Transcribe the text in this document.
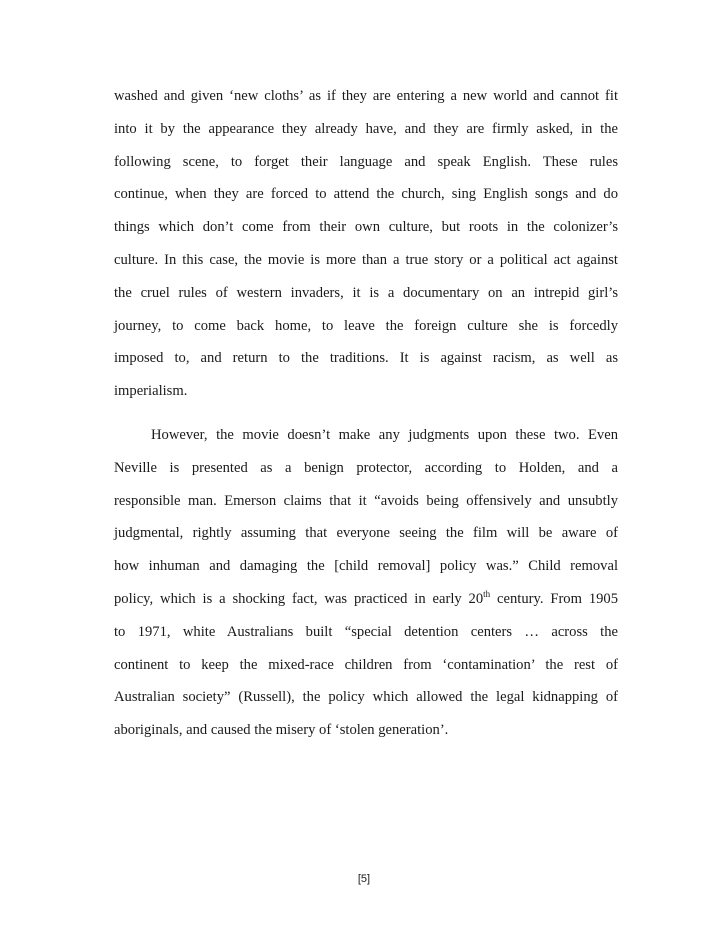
washed and given ‘new cloths’ as if they are entering a new world and cannot fit
into it by the appearance they already have, and they are firmly asked, in the
following scene, to forget their language and speak English. These rules
continue, when they are forced to attend the church, sing English songs and do
things which don’t come from their own culture, but roots in the colonizer’s
culture. In this case, the movie is more than a true story or a political act against
the cruel rules of western invaders, it is a documentary on an intrepid girl’s
journey, to come back home, to leave the foreign culture she is forcedly
imposed to, and return to the traditions. It is against racism, as well as
imperialism.
However, the movie doesn’t make any judgments upon these two. Even
Neville is presented as a benign protector, according to Holden, and a
responsible man. Emerson claims that it “avoids being offensively and unsubtly
judgmental, rightly assuming that everyone seeing the film will be aware of
how inhuman and damaging the [child removal] policy was.” Child removal
policy, which is a shocking fact, was practiced in early 20th century. From 1905
to 1971, white Australians built “special detention centers … across the
continent to keep the mixed-race children from ‘contamination’ the rest of
Australian society” (Russell), the policy which allowed the legal kidnapping of
aboriginals, and caused the misery of ‘stolen generation’.
[5]
